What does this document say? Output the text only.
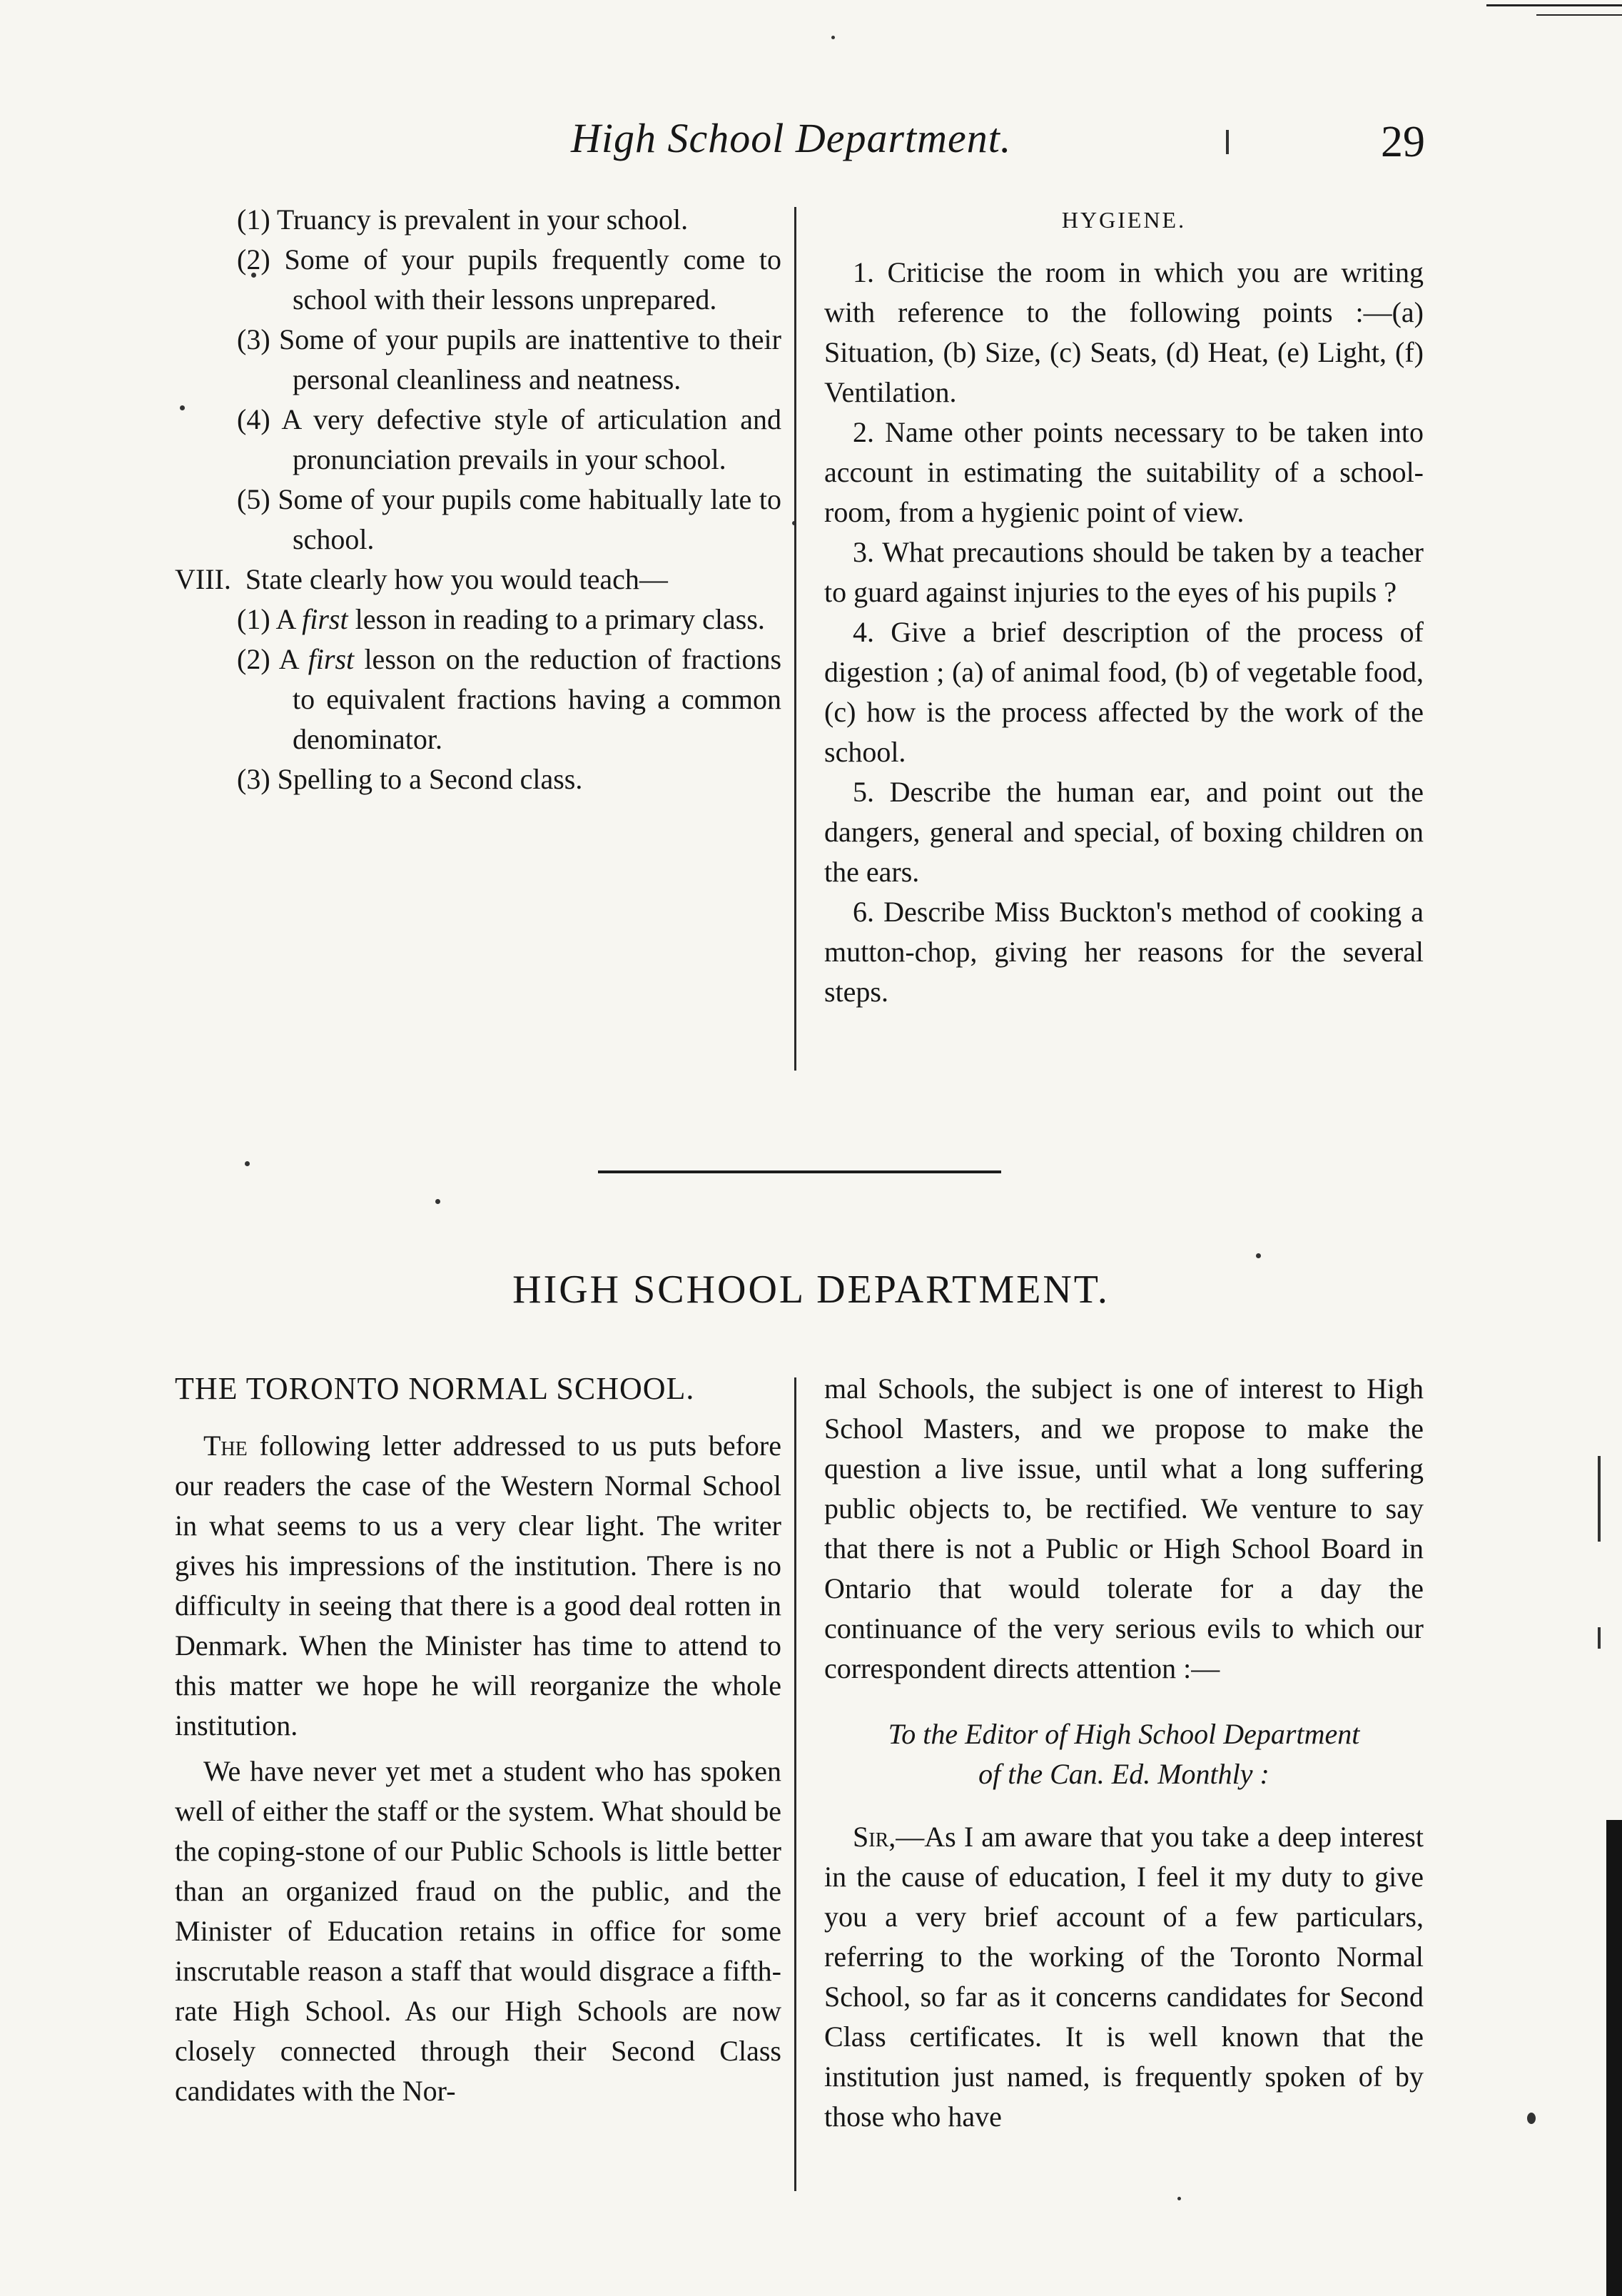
High School Department.	29

(1) Truancy is prevalent in your school.

(2) Some of your pupils frequently come to school with their lessons unprepared.

(3) Some of your pupils are inattentive to their personal cleanliness and neatness.

(4) A very defective style of articulation and pronunciation prevails in your school.

(5) Some of your pupils come habitually late to school.

VIII. State clearly how you would teach—

(1) A first lesson in reading to a primary class.

(2) A first lesson on the reduction of fractions to equivalent fractions having a common denominator.

(3) Spelling to a Second class.

HYGIENE.

1. Criticise the room in which you are writing with reference to the following points :—(a) Situation, (b) Size, (c) Seats, (d) Heat, (e) Light, (f) Ventilation.

2. Name other points necessary to be taken into account in estimating the suitability of a school-room, from a hygienic point of view.

3. What precautions should be taken by a teacher to guard against injuries to the eyes of his pupils ?

4. Give a brief description of the process of digestion ; (a) of animal food, (b) of vegetable food, (c) how is the process affected by the work of the school.

5. Describe the human ear, and point out the dangers, general and special, of boxing children on the ears.

6. Describe Miss Buckton's method of cooking a mutton-chop, giving her reasons for the several steps.

HIGH SCHOOL DEPARTMENT.
THE TORONTO NORMAL SCHOOL.

The following letter addressed to us puts before our readers the case of the Western Normal School in what seems to us a very clear light. The writer gives his impressions of the institution. There is no difficulty in seeing that there is a good deal rotten in Denmark. When the Minister has time to attend to this matter we hope he will reorganize the whole institution.

We have never yet met a student who has spoken well of either the staff or the system. What should be the coping-stone of our Public Schools is little better than an organized fraud on the public, and the Minister of Education retains in office for some inscrutable reason a staff that would disgrace a fifth-rate High School. As our High Schools are now closely connected through their Second Class candidates with the Nor-

mal Schools, the subject is one of interest to High School Masters, and we propose to make the question a live issue, until what a long suffering public objects to, be rectified. We venture to say that there is not a Public or High School Board in Ontario that would tolerate for a day the continuance of the very serious evils to which our correspondent directs attention :—

To the Editor of High School Department
of the Can. Ed. Monthly :

Sir,—As I am aware that you take a deep interest in the cause of education, I feel it my duty to give you a very brief account of a few particulars, referring to the working of the Toronto Normal School, so far as it concerns candidates for Second Class certificates. It is well known that the institution just named, is frequently spoken of by those who have
